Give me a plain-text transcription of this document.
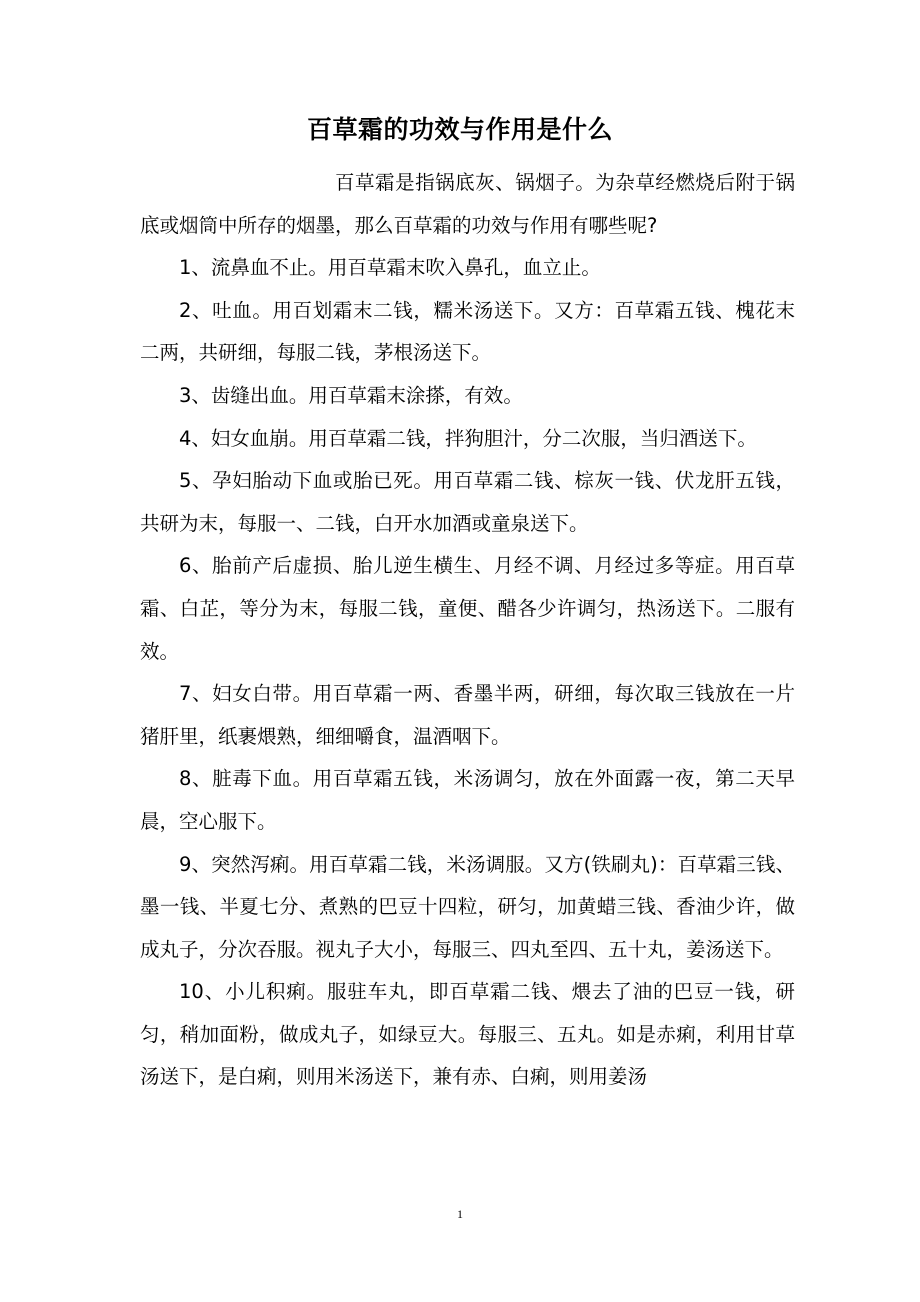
百草霜的功效与作用是什么

百草霜是指锅底灰、锅烟子。为杂草经燃烧后附于锅底或烟筒中所存的烟墨，那么百草霜的功效与作用有哪些呢?

1、流鼻血不止。用百草霜末吹入鼻孔，血立止。

2、吐血。用百划霜末二钱，糯米汤送下。又方：百草霜五钱、槐花末二两，共研细，每服二钱，茅根汤送下。

3、齿缝出血。用百草霜末涂搽，有效。

4、妇女血崩。用百草霜二钱，拌狗胆汁，分二次服，当归酒送下。

5、孕妇胎动下血或胎已死。用百草霜二钱、棕灰一钱、伏龙肝五钱，共研为末，每服一、二钱，白开水加酒或童泉送下。

6、胎前产后虚损、胎儿逆生横生、月经不调、月经过多等症。用百草霜、白芷，等分为末，每服二钱，童便、醋各少许调匀，热汤送下。二服有效。

7、妇女白带。用百草霜一两、香墨半两，研细，每次取三钱放在一片猪肝里，纸裹煨熟，细细嚼食，温酒咽下。

8、脏毒下血。用百草霜五钱，米汤调匀，放在外面露一夜，第二天早晨，空心服下。

9、突然泻痢。用百草霜二钱，米汤调服。又方(铁刷丸)：百草霜三钱、墨一钱、半夏七分、煮熟的巴豆十四粒，研匀，加黄蜡三钱、香油少许，做成丸子，分次吞服。视丸子大小，每服三、四丸至四、五十丸，姜汤送下。

10、小儿积痢。服驻车丸，即百草霜二钱、煨去了油的巴豆一钱，研匀，稍加面粉，做成丸子，如绿豆大。每服三、五丸。如是赤痢，利用甘草汤送下，是白痢，则用米汤送下，兼有赤、白痢，则用姜汤

1
